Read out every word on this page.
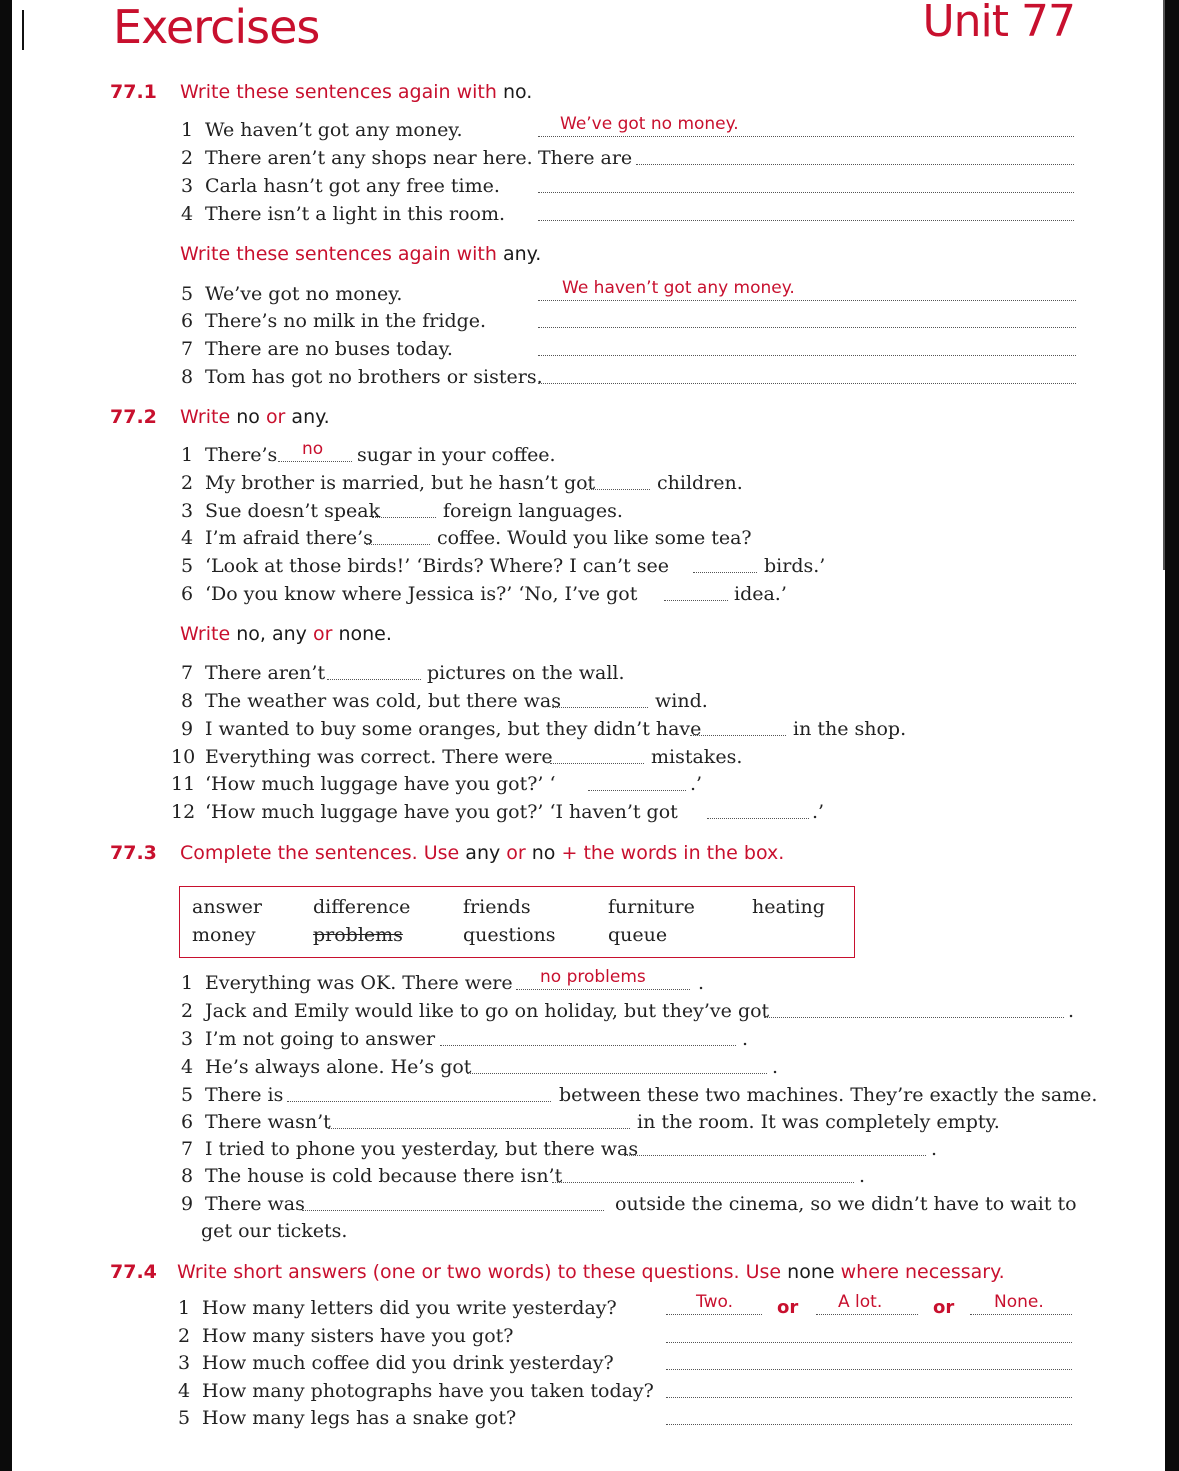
Exercises	Unit 77
77.1 Write these sentences again with no.
1 We haven’t got any money.	We’ve got no money.
2 There aren’t any shops near here. There are
3 Carla hasn’t got any free time.
4 There isn’t a light in this room.
Write these sentences again with any.
5 We’ve got no money.	We haven’t got any money.
6 There’s no milk in the fridge.
7 There are no buses today.
8 Tom has got no brothers or sisters.
77.2 Write no or any.
1 There’s no sugar in your coffee.
2 My brother is married, but he hasn’t got	children.
3 Sue doesn’t speak	foreign languages.
4 I’m afraid there’s	coffee. Would you like some tea?
5 ‘Look at those birds!’ ‘Birds? Where? I can’t see	birds.’
6 ‘Do you know where Jessica is?’ ‘No, I’ve got	idea.’
Write no, any or none.
7 There aren’t	pictures on the wall.
8 The weather was cold, but there was	wind.
9 I wanted to buy some oranges, but they didn’t have	in the shop.
10 Everything was correct. There were	mistakes.
11 ‘How much luggage have you got?’ ‘	.’
12 ‘How much luggage have you got?’ ‘I haven’t got	.’
77.3 Complete the sentences. Use any or no + the words in the box.
answer	difference	friends	furniture	heating
money	problems	questions	queue
1 Everything was OK. There were no problems	.
2 Jack and Emily would like to go on holiday, but they’ve got	.
3 I’m not going to answer	.
4 He’s always alone. He’s got	.
5 There is	between these two machines. They’re exactly the same.
6 There wasn’t	in the room. It was completely empty.
7 I tried to phone you yesterday, but there was	.
8 The house is cold because there isn’t	.
9 There was	outside the cinema, so we didn’t have to wait to
get our tickets.
77.4 Write short answers (one or two words) to these questions. Use none where necessary.
1 How many letters did you write yesterday?	Two. or A lot.	or None.
2 How many sisters have you got?
3 How much coffee did you drink yesterday?
4 How many photographs have you taken today?
5 How many legs has a snake got?
